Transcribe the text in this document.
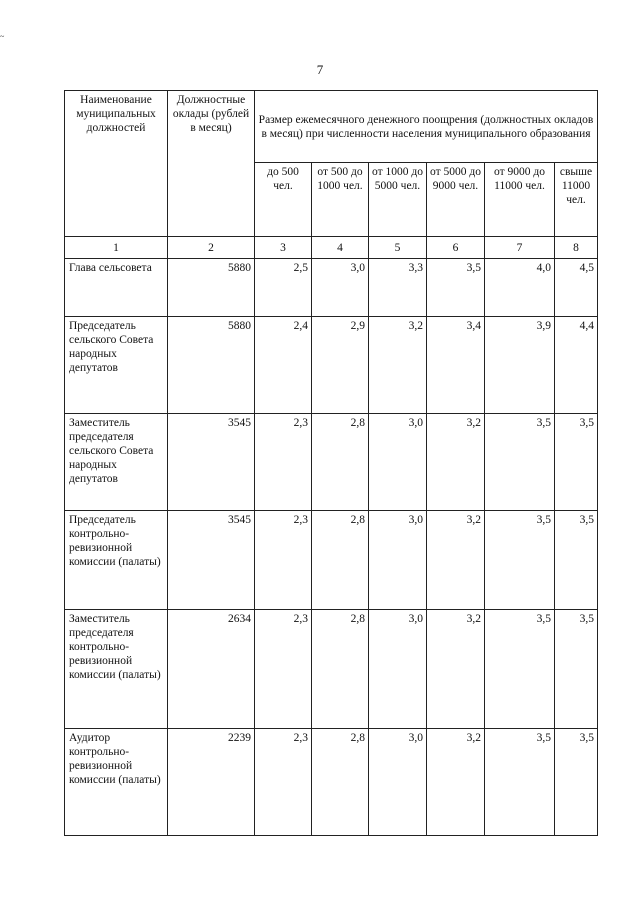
~
7
Наименование муниципальных должностей	Должностные оклады (рублей в месяц)	Размер ежемесячного денежного поощрения (должностных окладов в месяц) при численности населения муниципального образования					
		до 500 чел.	от 500 до 1000 чел.	от 1000 до 5000 чел.	от 5000 до 9000 чел.	от 9000 до 11000 чел.	свыше 11000 чел.
1	2	3	4	5	6	7	8
Глава сельсовета	5880	2,5	3,0	3,3	3,5	4,0	4,5
Председатель сельского Совета народных депутатов	5880	2,4	2,9	3,2	3,4	3,9	4,4
Заместитель председателя сельского Совета народных депутатов	3545	2,3	2,8	3,0	3,2	3,5	3,5
Председатель контрольно-ревизионной комиссии (палаты)	3545	2,3	2,8	3,0	3,2	3,5	3,5
Заместитель председателя контрольно-ревизионной комиссии (палаты)	2634	2,3	2,8	3,0	3,2	3,5	3,5
Аудитор контрольно-ревизионной комиссии (палаты)	2239	2,3	2,8	3,0	3,2	3,5	3,5
